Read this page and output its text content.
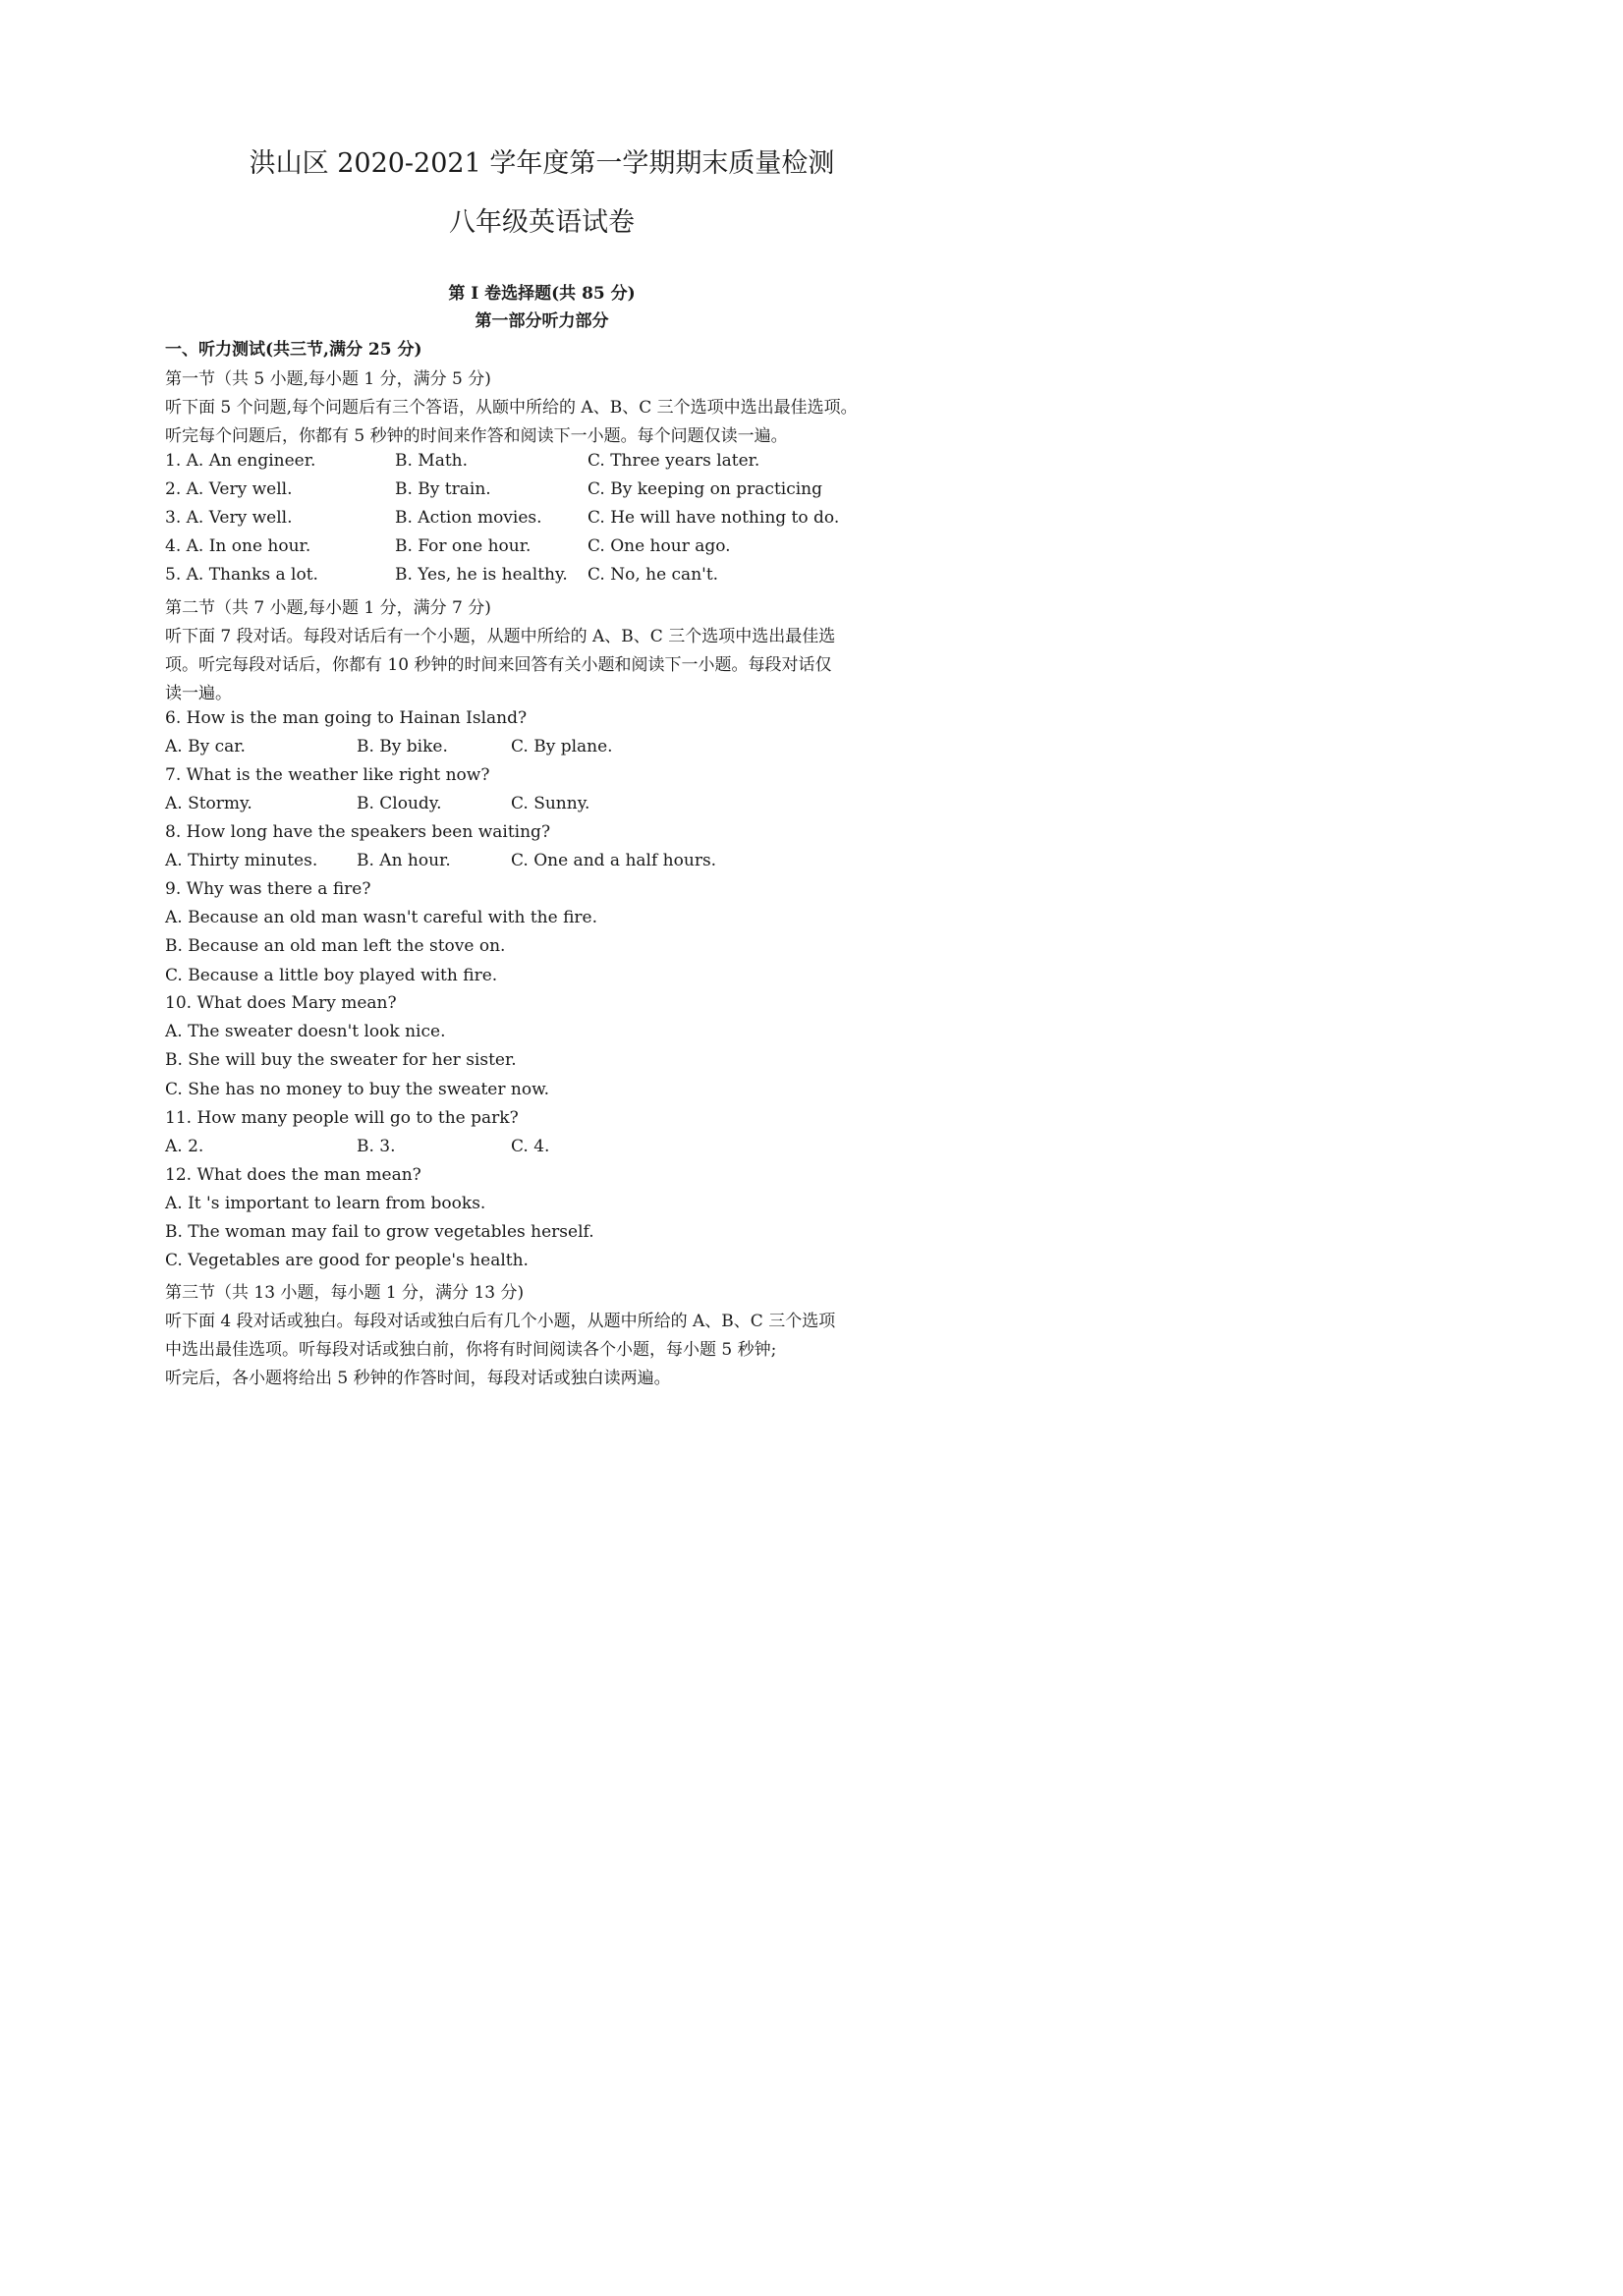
洪山区 2020-2021 学年度第一学期期末质量检测
八年级英语试卷
第 I 卷选择题(共 85 分)
第一部分听力部分
一、听力测试(共三节,满分 25 分)
第一节（共 5 小题,每小题 1 分，满分 5 分)
听下面 5 个问题,每个问题后有三个答语，从颐中所给的 A、B、C 三个选项中选出最佳选项。
听完每个问题后，你都有 5 秒钟的时间来作答和阅读下一小题。每个问题仅读一遍。
1. A. An engineer.	B. Math.	C. Three years later.
2. A. Very well.	B. By train.	C. By keeping on practicing
3. A. Very well.	B. Action movies.	C. He will have nothing to do.
4. A. In one hour.	B. For one hour.	C. One hour ago.
5. A. Thanks a lot.	B. Yes, he is healthy. C. No, he can't.
第二节（共 7 小题,每小题 1 分，满分 7 分)
听下面 7 段对话。每段对话后有一个小题，从题中所给的 A、B、C 三个选项中选出最佳选
项。听完每段对话后，你都有 10 秒钟的时间来回答有关小题和阅读下一小题。每段对话仅
读一遍。
6. How is the man going to Hainan Island?
A. By car.	B. By bike.	C. By plane.
7. What is the weather like right now?
A. Stormy.	B. Cloudy.	C. Sunny.
8. How long have the speakers been waiting?
A. Thirty minutes. B. An hour.	C. One and a half hours.
9. Why was there a fire?
A. Because an old man wasn't careful with the fire.
B. Because an old man left the stove on.
C. Because a little boy played with fire.
10. What does Mary mean?
A. The sweater doesn't look nice.
B. She will buy the sweater for her sister.
C. She has no money to buy the sweater now.
11. How many people will go to the park?
A. 2.	B. 3.	C. 4.
12. What does the man mean?
A. It 's important to learn from books.
B. The woman may fail to grow vegetables herself.
C. Vegetables are good for people's health.
第三节（共 13 小题，每小题 1 分，满分 13 分)
听下面 4 段对话或独白。每段对话或独白后有几个小题，从题中所给的 A、B、C 三个选项
中选出最佳选项。听每段对话或独白前，你将有时间阅读各个小题，每小题 5 秒钟;
听完后，各小题将给出 5 秒钟的作答时间，每段对话或独白读两遍。
